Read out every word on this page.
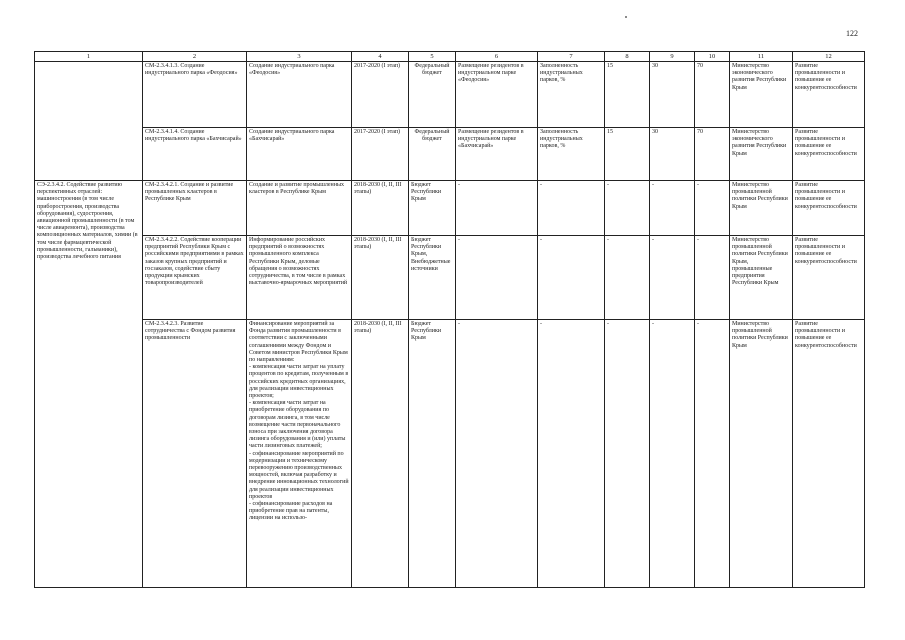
122
1	2	3	4	5	6	7	8	9	10	11	12
	СМ-2.3.4.1.3. Создание индустриального парка «Феодосия»	Создание индустриального парка «Феодосия»	2017-2020 (I этап)	Федеральный бюджет	Размещение резидентов в индустриальном парке «Феодосия»	Заполненность индустриальных парков, %	15	30	70	Министерство экономического развития Республики Крым	Развитие промышленности и повышение ее конкурентоспособности
	СМ-2.3.4.1.4. Создание индустриального парка «Бахчисарай»	Создание индустриального парка «Бахчисарай»	2017-2020 (I этап)	Федеральный бюджет	Размещение резидентов в индустриальном парке «Бахчисарай»	Заполненность индустриальных парков, %	15	30	70	Министерство экономического развития Республики Крым	Развитие промышленности и повышение ее конкурентоспособности
СЭ-2.3.4.2. Содействие развитию перспективных отраслей: машиностроения (в том числе приборостроения, производства оборудования), судостроения, авиационной промышленности (в том числе авиаремонта), производства композиционных материалов, химии (в том числе фармацевтической промышленности, гальваники), производства лечебного питания	СМ-2.3.4.2.1. Создание и развитие промышленных кластеров в Республике Крым	Создание и развитие промышленных кластеров в Республике Крым	2018-2030 (I, II, III этапы)	Бюджет Республики Крым	-	-	-	-	-	Министерство промышленной политики Республики Крым	Развитие промышленности и повышение ее конкурентоспособности
	СМ-2.3.4.2.2. Содействие кооперации предприятий Республики Крым с российскими предприятиями в рамках заказов крупных предприятий и госзаказов, содействие сбыту продукции крымских товаропроизводителей	Информирование российских предприятий о возможностях промышленного комплекса Республики Крым, деловые обращения о возможностях сотрудничества, в том числе в рамках выставочно-ярмарочных мероприятий	2018-2030 (I, II, III этапы)	Бюджет Республики Крым, Внебюджетные источники	-	-	-	-	-	Министерство промышленной политики Республики Крым, промышленные предприятия Республики Крым	Развитие промышленности и повышение ее конкурентоспособности
	СМ-2.3.4.2.3. Развитие сотрудничества с Фондом развития промышленности	Финансирование мероприятий за Фонда развития промышленности в соответствии с заключенными соглашениями между Фондом и Советом министров Республики Крым по направлениям:

- компенсация части затрат на уплату процентов по кредитам, полученным в российских кредитных организациях, для реализации инвестиционных проектов;

- компенсация части затрат на приобретение оборудования по договорам лизинга, в том числе возмещение части первоначального взноса при заключения договора лизинга оборудования и (или) уплаты части лизинговых платежей;

- софинансирование мероприятий по модернизации и техническому перевооружению производственных мощностей, включая разработку и внедрение инновационных технологий для реализации инвестиционных проектов

- софинансирование расходов на приобретение прав на патенты, лицензии на использо-	2018-2030 (I, II, III этапы)	Бюджет Республики Крым	-	-	-	-	-	Министерство промышленной политики Республики Крым	Развитие промышленности и повышение ее конкурентоспособности
